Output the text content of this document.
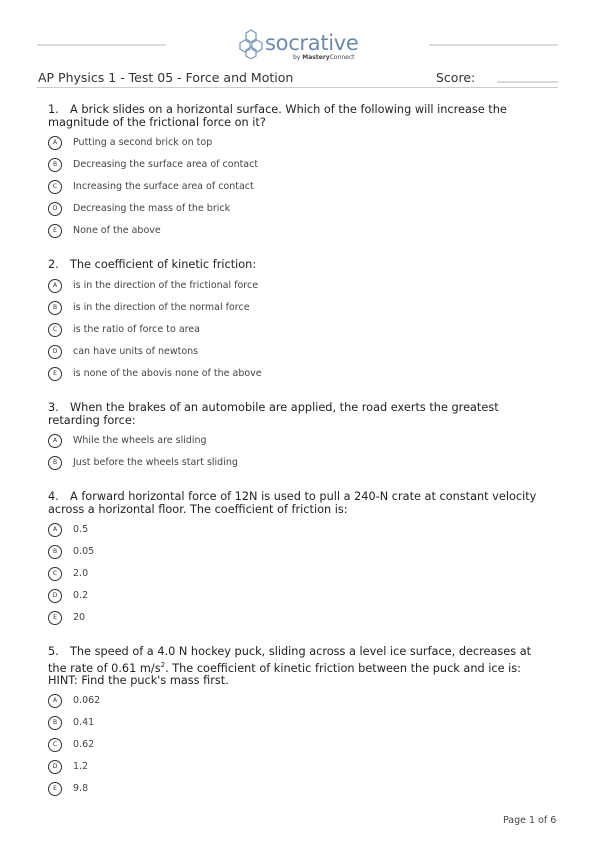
socrative
by MasteryConnect
AP Physics 1 - Test 05 - Force and Motion	Score:

1. A brick slides on a horizontal surface. Which of the following will increase the magnitude of the frictional force on it?

A	Putting a second brick on top
B	Decreasing the surface area of contact
C	Increasing the surface area of contact
D	Decreasing the mass of the brick
E	None of the above

2. The coefficient of kinetic friction:

A	is in the direction of the frictional force
B	is in the direction of the normal force
C	is the ratio of force to area
D	can have units of newtons
E	is none of the abovis none of the above

3. When the brakes of an automobile are applied, the road exerts the greatest retarding force:

A	While the wheels are sliding
B	Just before the wheels start sliding

4. A forward horizontal force of 12N is used to pull a 240-N crate at constant velocity across a horizontal floor. The coefficient of friction is:

A	0.5
B	0.05
C	2.0
D	0.2
E	20

5. The speed of a 4.0 N hockey puck, sliding across a level ice surface, decreases at the rate of 0.61 $m/s^2$. The coefficient of kinetic friction between the puck and ice is: HINT: Find the puck's mass first.

A	0.062
B	0.41
C	0.62
D	1.2
E	9.8
Page 1 of 6
